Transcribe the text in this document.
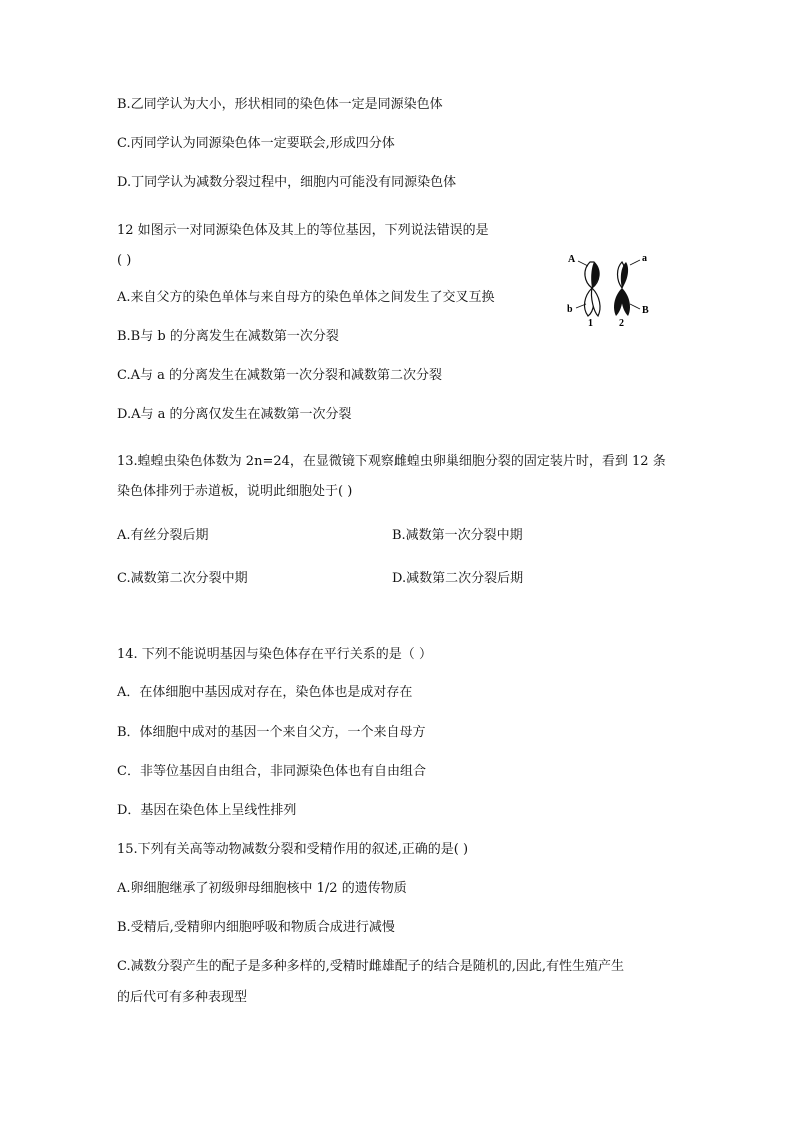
B.乙同学认为大小，形状相同的染色体一定是同源染色体
C.丙同学认为同源染色体一定要联会,形成四分体
D.丁同学认为减数分裂过程中，细胞内可能没有同源染色体
12 如图示一对同源染色体及其上的等位基因，下列说法错误的是
( )
A.来自父方的染色单体与来自母方的染色单体之间发生了交叉互换
B.B与 b 的分离发生在减数第一次分裂
C.A与 a 的分离发生在减数第一次分裂和减数第二次分裂
D.A与 a 的分离仅发生在减数第一次分裂
A	a
b	B
1	2
13.蝗蝗虫染色体数为 2n=24，在显微镜下观察雌蝗虫卵巢细胞分裂的固定装片时，看到 12 条
染色体排列于赤道板，说明此细胞处于( )
A.有丝分裂后期	B.减数第一次分裂中期
C.减数第二次分裂中期	D.减数第二次分裂后期
14. 下列不能说明基因与染色体存在平行关系的是（ ）
A．在体细胞中基因成对存在，染色体也是成对存在
B．体细胞中成对的基因一个来自父方，一个来自母方
C．非等位基因自由组合，非同源染色体也有自由组合
D．基因在染色体上呈线性排列
15.下列有关高等动物减数分裂和受精作用的叙述,正确的是( )
A.卵细胞继承了初级卵母细胞核中 1/2 的遗传物质
B.受精后,受精卵内细胞呼吸和物质合成进行减慢
C.减数分裂产生的配子是多种多样的,受精时雌雄配子的结合是随机的,因此,有性生殖产生
的后代可有多种表现型
